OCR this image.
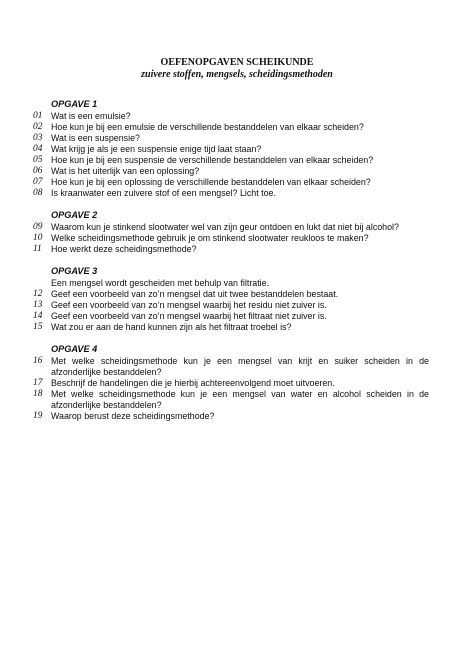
OEFENOPGAVEN SCHEIKUNDE
zuivere stoffen, mengsels, scheidingsmethoden
OPGAVE 1
01 Wat is een emulsie?
02 Hoe kun je bij een emulsie de verschillende bestanddelen van elkaar scheiden?
03 Wat is een suspensie?
04 Wat krijg je als je een suspensie enige tijd laat staan?
05 Hoe kun je bij een suspensie de verschillende bestanddelen van elkaar scheiden?
06 Wat is het uiterlijk van een oplossing?
07 Hoe kun je bij een oplossing de verschillende bestanddelen van elkaar scheiden?
08 Is kraanwater een zuivere stof of een mengsel? Licht toe.
OPGAVE 2
09 Waarom kun je stinkend slootwater wel van zijn geur ontdoen en lukt dat niet bij alcohol?
10 Welke scheidingsmethode gebruik je om stinkend slootwater reukloos te maken?
11 Hoe werkt deze scheidingsmethode?
OPGAVE 3
Een mengsel wordt gescheiden met behulp van filtratie.
12 Geef een voorbeeld van zo’n mengsel dat uit twee bestanddelen bestaat.
13 Geef een voorbeeld van zo’n mengsel waarbij het residu niet zuiver is.
14 Geef een voorbeeld van zo’n mengsel waarbij het filtraat niet zuiver is.
15 Wat zou er aan de hand kunnen zijn als het filtraat troebel is?
OPGAVE 4
16 Met welke scheidingsmethode kun je een mengsel van krijt en suiker scheiden in de
afzonderlijke bestanddelen?
17 Beschrijf de handelingen die je hierbij achtereenvolgend moet uitvoeren.
18 Met welke scheidingsmethode kun je een mengsel van water en alcohol scheiden in de
afzonderlijke bestanddelen?
19 Waarop berust deze scheidingsmethode?
